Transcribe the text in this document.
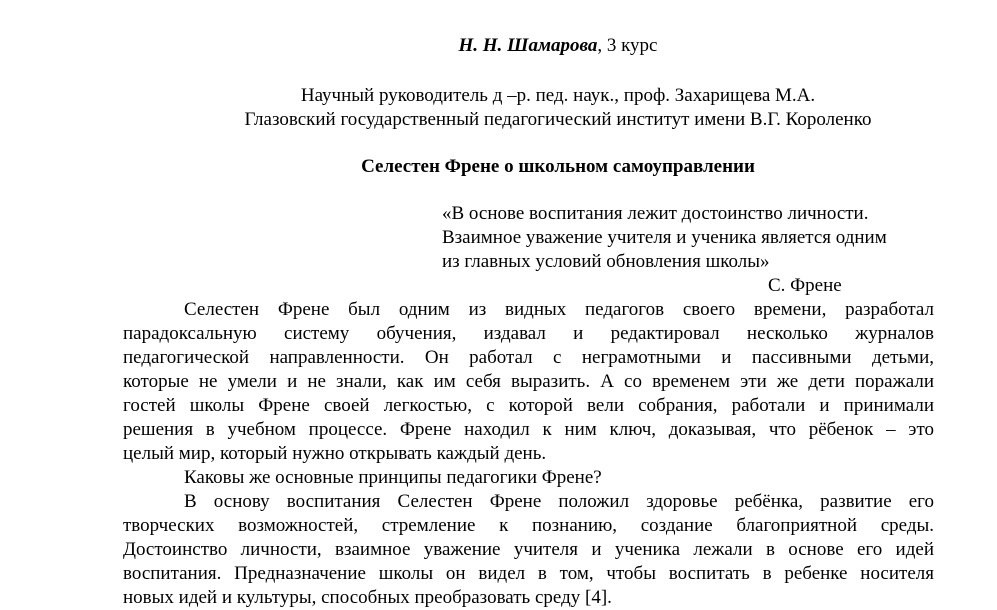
Н. Н. Шамарова, 3 курс
Научный руководитель д –р. пед. наук., проф. Захарищева М.А.
Глазовский государственный педагогический институт имени В.Г. Короленко
Селестен Френе о школьном самоуправлении
«В основе воспитания лежит достоинство личности.
Взаимное уважение учителя и ученика является одним
из главных условий обновления школы»
С. Френе
Селестен Френе был одним из видных педагогов своего времени, разработал
парадоксальную систему обучения, издавал и редактировал несколько журналов
педагогической направленности. Он работал с неграмотными и пассивными детьми,
которые не умели и не знали, как им себя выразить. А со временем эти же дети поражали
гостей школы Френе своей легкостью, с которой вели собрания, работали и принимали
решения в учебном процессе. Френе находил к ним ключ, доказывая, что рёбенок – это
целый мир, который нужно открывать каждый день.
Каковы же основные принципы педагогики Френе?
В основу воспитания Селестен Френе положил здоровье ребёнка, развитие его
творческих возможностей, стремление к познанию, создание благоприятной среды.
Достоинство личности, взаимное уважение учителя и ученика лежали в основе его идей
воспитания. Предназначение школы он видел в том, чтобы воспитать в ребенке носителя
новых идей и культуры, способных преобразовать среду [4].
